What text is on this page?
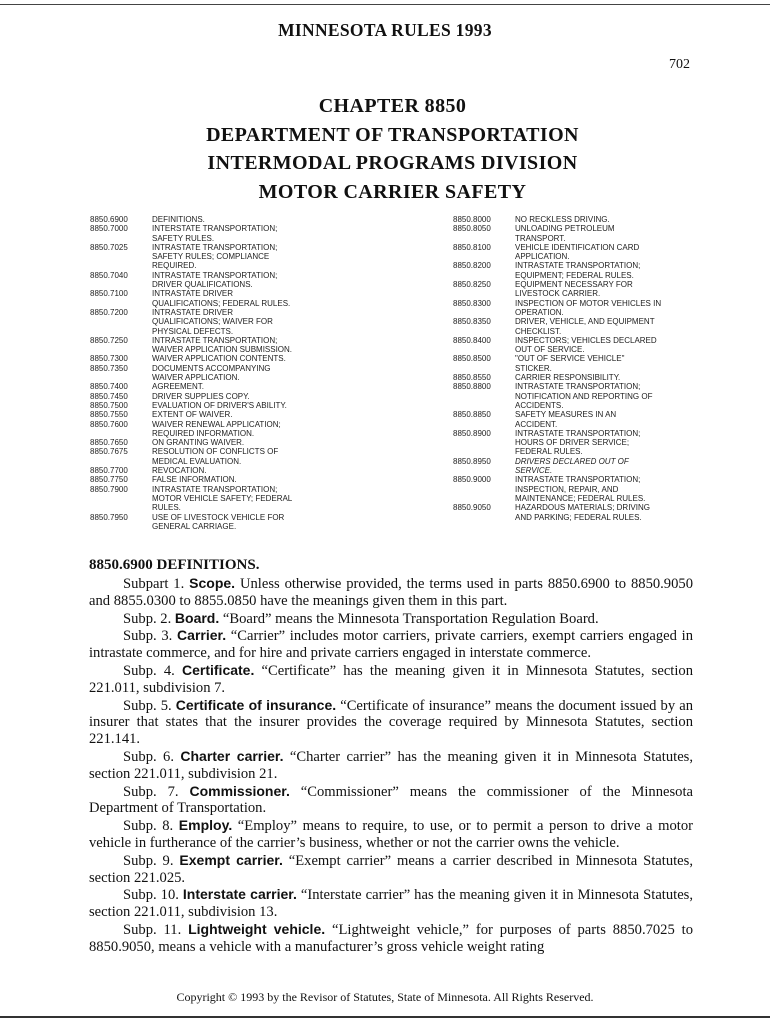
MINNESOTA RULES 1993
702
CHAPTER 8850
DEPARTMENT OF TRANSPORTATION
INTERMODAL PROGRAMS DIVISION
MOTOR CARRIER SAFETY
8850.6900	DEFINITIONS.
8850.7000	INTERSTATE TRANSPORTATION;
SAFETY RULES.
8850.7025	INTRASTATE TRANSPORTATION;
SAFETY RULES; COMPLIANCE
REQUIRED.
8850.7040	INTRASTATE TRANSPORTATION;
DRIVER QUALIFICATIONS.
8850.7100	INTRASTATE DRIVER
QUALIFICATIONS; FEDERAL RULES.
8850.7200	INTRASTATE DRIVER
QUALIFICATIONS; WAIVER FOR
PHYSICAL DEFECTS.
8850.7250	INTRASTATE TRANSPORTATION;
WAIVER APPLICATION SUBMISSION.
8850.7300	WAIVER APPLICATION CONTENTS.
8850.7350	DOCUMENTS ACCOMPANYING
WAIVER APPLICATION.
8850.7400	AGREEMENT.
8850.7450	DRIVER SUPPLIES COPY.
8850.7500	EVALUATION OF DRIVER'S ABILITY.
8850.7550	EXTENT OF WAIVER.
8850.7600	WAIVER RENEWAL APPLICATION;
REQUIRED INFORMATION.
8850.7650	ON GRANTING WAIVER.
8850.7675	RESOLUTION OF CONFLICTS OF
MEDICAL EVALUATION.
8850.7700	REVOCATION.
8850.7750	FALSE INFORMATION.
8850.7900	INTRASTATE TRANSPORTATION;
MOTOR VEHICLE SAFETY; FEDERAL
RULES.
8850.7950	USE OF LIVESTOCK VEHICLE FOR
GENERAL CARRIAGE.
8850.8000	NO RECKLESS DRIVING.
8850.8050	UNLOADING PETROLEUM
TRANSPORT.
8850.8100	VEHICLE IDENTIFICATION CARD
APPLICATION.
8850.8200	INTRASTATE TRANSPORTATION;
EQUIPMENT; FEDERAL RULES.
8850.8250	EQUIPMENT NECESSARY FOR
LIVESTOCK CARRIER.
8850.8300	INSPECTION OF MOTOR VEHICLES IN
OPERATION.
8850.8350	DRIVER, VEHICLE, AND EQUIPMENT
CHECKLIST.
8850.8400	INSPECTORS; VEHICLES DECLARED
OUT OF SERVICE.
8850.8500	"OUT OF SERVICE VEHICLE"
STICKER.
8850.8550	CARRIER RESPONSIBILITY.
8850.8800	INTRASTATE TRANSPORTATION;
NOTIFICATION AND REPORTING OF
ACCIDENTS.
8850.8850	SAFETY MEASURES IN AN
ACCIDENT.
8850.8900	INTRASTATE TRANSPORTATION;
HOURS OF DRIVER SERVICE;
FEDERAL RULES.
8850.8950	DRIVERS DECLARED OUT OF
SERVICE.
8850.9000	INTRASTATE TRANSPORTATION;
INSPECTION, REPAIR, AND
MAINTENANCE; FEDERAL RULES.
8850.9050	HAZARDOUS MATERIALS; DRIVING
AND PARKING; FEDERAL RULES.
8850.6900 DEFINITIONS.

Subpart 1. Scope. Unless otherwise provided, the terms used in parts 8850.6900 to 8850.9050 and 8855.0300 to 8855.0850 have the meanings given them in this part.

Subp. 2. Board. “Board” means the Minnesota Transportation Regulation Board.

Subp. 3. Carrier. “Carrier” includes motor carriers, private carriers, exempt carriers engaged in intrastate commerce, and for hire and private carriers engaged in interstate commerce.

Subp. 4. Certificate. “Certificate” has the meaning given it in Minnesota Statutes, section 221.011, subdivision 7.

Subp. 5. Certificate of insurance. “Certificate of insurance” means the document issued by an insurer that states that the insurer provides the coverage required by Minnesota Statutes, section 221.141.

Subp. 6. Charter carrier. “Charter carrier” has the meaning given it in Minnesota Statutes, section 221.011, subdivision 21.

Subp. 7. Commissioner. “Commissioner” means the commissioner of the Minnesota Department of Transportation.

Subp. 8. Employ. “Employ” means to require, to use, or to permit a person to drive a motor vehicle in furtherance of the carrier’s business, whether or not the carrier owns the vehicle.

Subp. 9. Exempt carrier. “Exempt carrier” means a carrier described in Minnesota Statutes, section 221.025.

Subp. 10. Interstate carrier. “Interstate carrier” has the meaning given it in Minnesota Statutes, section 221.011, subdivision 13.

Subp. 11. Lightweight vehicle. “Lightweight vehicle,” for purposes of parts 8850.7025 to 8850.9050, means a vehicle with a manufacturer’s gross vehicle weight rating

Copyright © 1993 by the Revisor of Statutes, State of Minnesota. All Rights Reserved.
